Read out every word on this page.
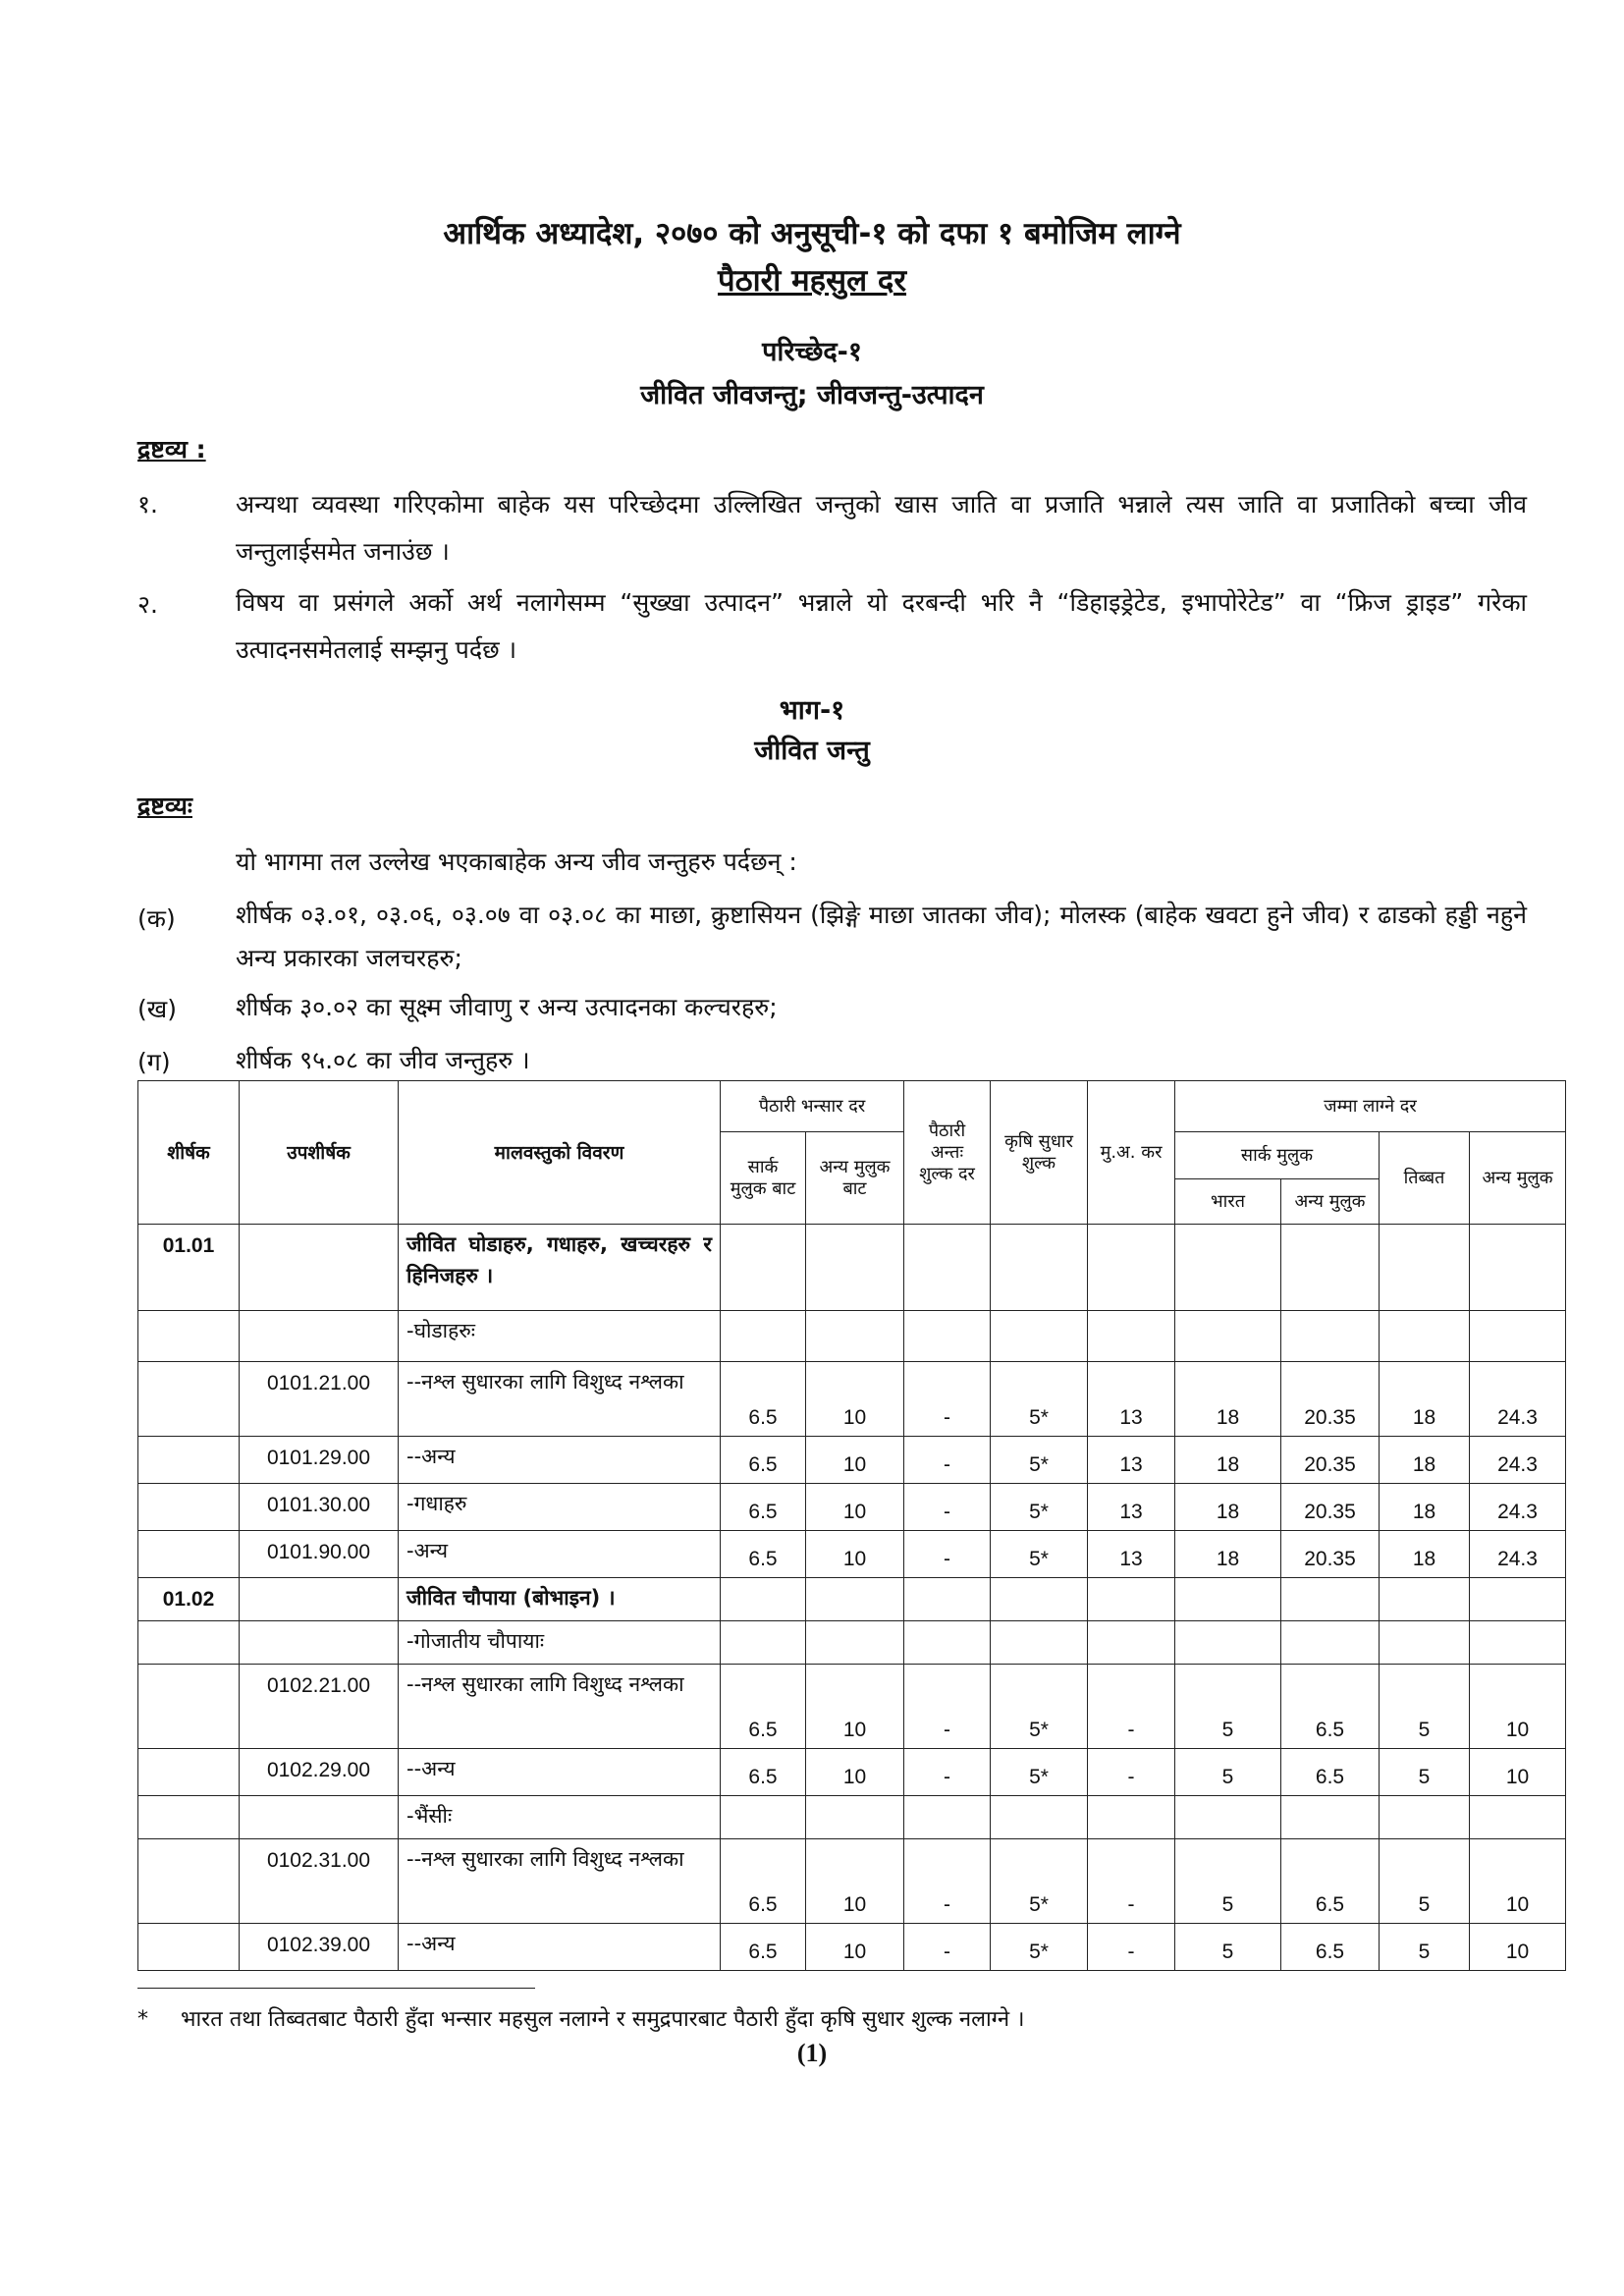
आर्थिक अध्यादेश, २०७० को अनुसूची-१ को दफा १ बमोजिम लाग्ने
पैठारी महसुल दर
परिच्छेद-१
जीवित जीवजन्तु; जीवजन्तु-उत्पादन
द्रष्टव्य :
१.	अन्यथा व्यवस्था गरिएकोमा बाहेक यस परिच्छेदमा उल्लिखित जन्तुको खास जाति वा प्रजाति भन्नाले त्यस जाति वा प्रजातिको बच्चा जीव जन्तुलाईसमेत जनाउंछ ।
२.	विषय वा प्रसंगले अर्को अर्थ नलागेसम्म “सुख्खा उत्पादन” भन्नाले यो दरबन्दी भरि नै “डिहाइड्रेटेड, इभापोरेटेड” वा “फ्रिज ड्राइड” गरेका उत्पादनसमेतलाई सम्झनु पर्दछ ।
भाग-१
जीवित जन्तु
द्रष्टव्यः
यो भागमा तल उल्लेख भएकाबाहेक अन्य जीव जन्तुहरु पर्दछन् :
(क) शीर्षक ०३.०१, ०३.०६, ०३.०७ वा ०३.०८ का माछा, क्रुष्टासियन (झिङ्गे माछा जातका जीव); मोलस्क (बाहेक खवटा हुने जीव) र ढाडको हड्डी नहुने अन्य प्रकारका जलचरहरु;
(ख) शीर्षक ३०.०२ का सूक्ष्म जीवाणु र अन्य उत्पादनका कल्चरहरु;
(ग)	शीर्षक ९५.०८ का जीव जन्तुहरु ।
शीर्षक	उपशीर्षक	मालवस्तुको विवरण	पैठारी भन्सार दर		पैठारी अन्तः शुल्क दर	कृषि सुधार शुल्क	मु.अ. कर	जम्मा लाग्ने दर			
			सार्क मुलुक बाट	अन्य मुलुक बाट				सार्क मुलुक		तिब्बत	अन्य मुलुक
								भारत	अन्य मुलुक		
01.01		जीवित घोडाहरु, गधाहरु, खच्चरहरु र हिनिजहरु ।									
		-घोडाहरुः									
	0101.21.00	--नश्ल सुधारका लागि विशुध्द नश्लका	6.5	10	-	5*	13	18	20.35	18	24.3
	0101.29.00	--अन्य	6.5	10	-	5*	13	18	20.35	18	24.3
	0101.30.00	-गधाहरु	6.5	10	-	5*	13	18	20.35	18	24.3
	0101.90.00	-अन्य	6.5	10	-	5*	13	18	20.35	18	24.3
01.02		जीवित चौपाया (बोभाइन) ।									
		-गोजातीय चौपायाः									
	0102.21.00	--नश्ल सुधारका लागि विशुध्द नश्लका	6.5	10	-	5*	-	5	6.5	5	10
	0102.29.00	--अन्य	6.5	10	-	5*	-	5	6.5	5	10
		-भैंसीः									
	0102.31.00	--नश्ल सुधारका लागि विशुध्द नश्लका	6.5	10	-	5*	-	5	6.5	5	10
	0102.39.00	--अन्य	6.5	10	-	5*	-	5	6.5	5	10
* भारत तथा तिब्वतबाट पैठारी हुँदा भन्सार महसुल नलाग्ने र समुद्रपारबाट पैठारी हुँदा कृषि सुधार शुल्क नलाग्ने ।
(1)
